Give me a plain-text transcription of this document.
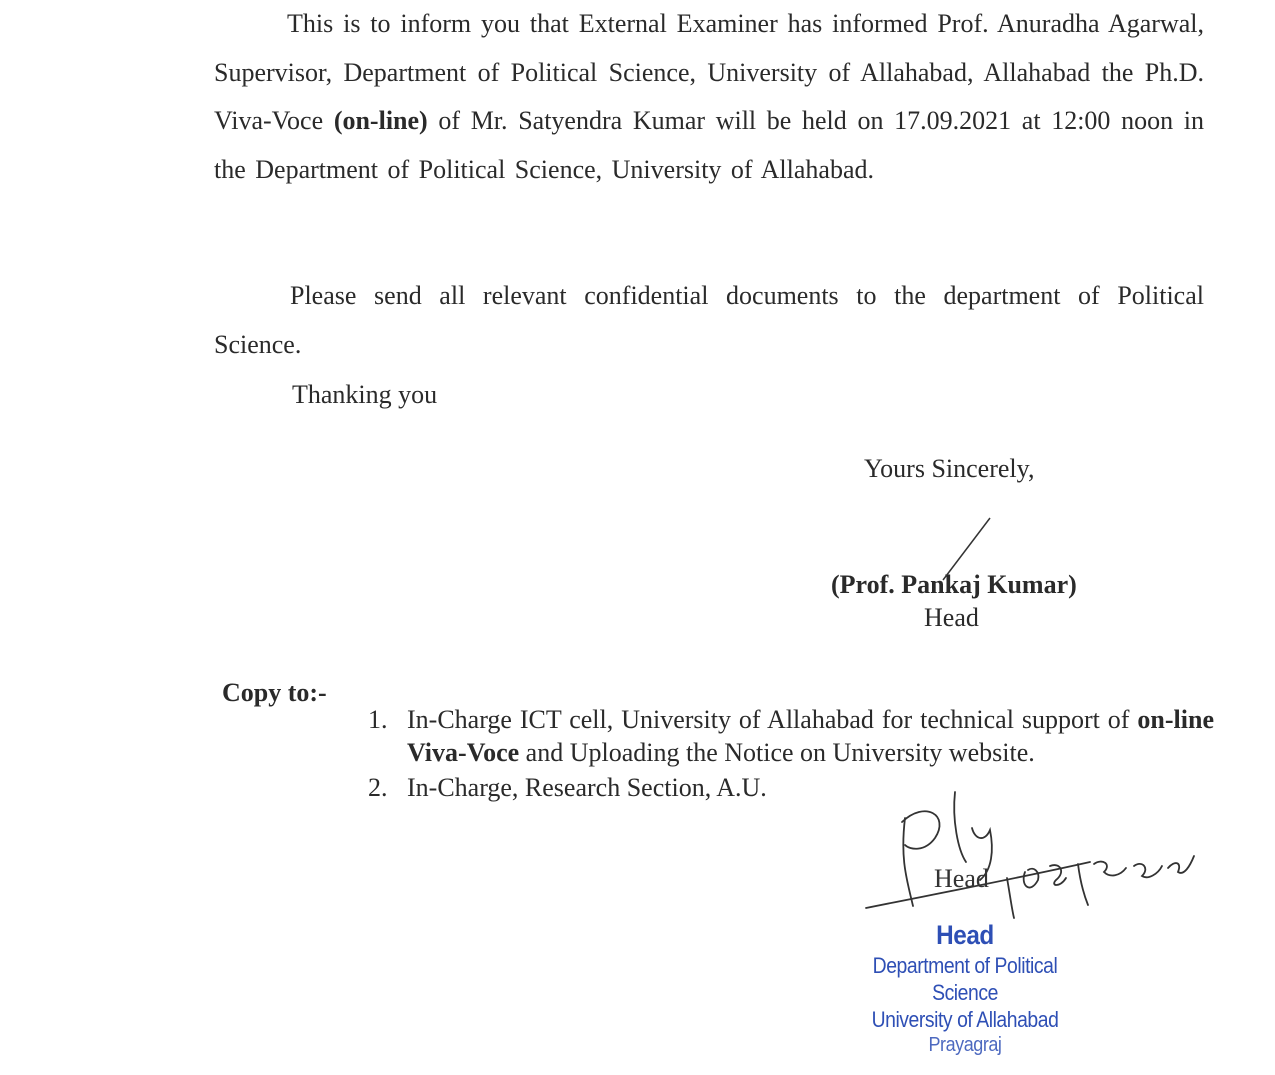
This is to inform you that External Examiner has informed Prof. Anuradha Agarwal, Supervisor, Department of Political Science, University of Allahabad, Allahabad the Ph.D. Viva-Voce (on-line) of Mr. Satyendra Kumar will be held on 17.09.2021 at 12:00 noon in the Department of Political Science, University of Allahabad.

Please send all relevant confidential documents to the department of Political Science.

Thanking you
Yours Sincerely,
(Prof. Pankaj Kumar)
Head
Copy to:-
1. In-Charge ICT cell, University of Allahabad for technical support of on-line Viva-Voce and Uploading the Notice on University website.
2. In-Charge, Research Section, A.U.
Head
Head
Department of Political Science
University of Allahabad
Prayagraj
